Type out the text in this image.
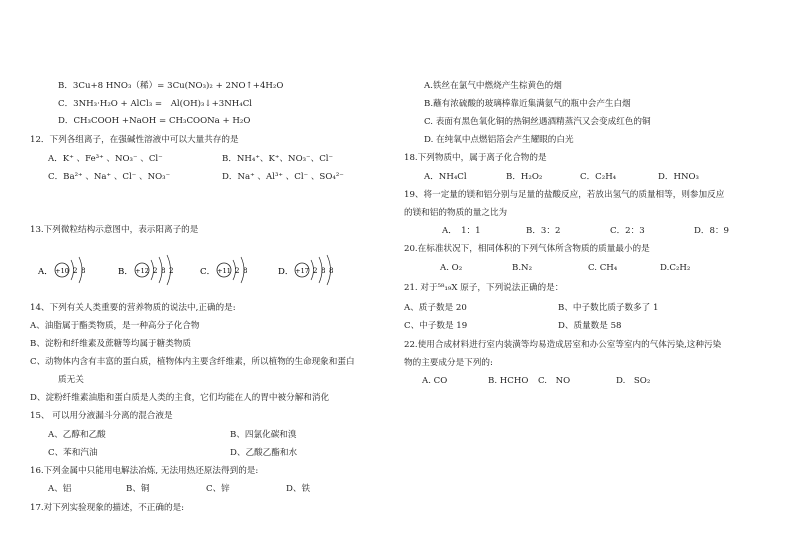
B．3Cu+8 HNO₃（稀）= 3Cu(NO₃)₂ + 2NO↑+4H₂O
C．3NH₃·H₂O + AlCl₃ =　Al(OH)₃↓+3NH₄Cl
D．CH₃COOH +NaOH = CH₃COONa + H₂O
12．下列各组离子，在强碱性溶液中可以大量共存的是
A．K⁺ 、Fe³⁺ 、NO₃⁻ 、Cl⁻	B．NH₄⁺、K⁺、NO₃⁻、Cl⁻
C．Ba²⁺ 、Na⁺ 、Cl⁻ 、NO₃⁻	D．Na⁺ 、Al³⁺ 、Cl⁻ 、SO₄²⁻
13.下列微粒结构示意图中，表示阳离子的是
A． +10 2 8	B． +12 2 8 2	C． +11 2 8	D． +17 2 8 8
14、下列有关人类重要的营养物质的说法中,正确的是:
A、油脂属于酯类物质，是一种高分子化合物
B、淀粉和纤维素及蔗糖等均属于糖类物质
C、动物体内含有丰富的蛋白质，植物体内主要含纤维素，所以植物的生命现象和蛋白
质无关
D、淀粉纤维素油脂和蛋白质是人类的主食，它们均能在人的胃中被分解和消化
15、 可以用分液漏斗分离的混合液是
A、乙醇和乙酸	B、四氯化碳和溴
C、苯和汽油	D、乙酸乙酯和水
16.下列金属中只能用电解法冶炼, 无法用热还原法得到的是:
A、铝	B、铜	C、锌	D、铁
17.对下列实验现象的描述，不正确的是:
A.铁丝在氯气中燃烧产生棕黄色的烟
B.蘸有浓硫酸的玻璃棒靠近集满氨气的瓶中会产生白烟
C. 表面有黑色氧化铜的热铜丝遇酒精蒸汽又会变成红色的铜
D. 在纯氧中点燃铝箔会产生耀眼的白光
18.下列物质中，属于离子化合物的是
A．NH₄Cl	B．H₂O₂	C．C₂H₄	D．HNO₃
19、将一定量的镁和铝分别与足量的盐酸反应，若放出氢气的质量相等，则参加反应
的镁和铝的物质的量之比为
A．　1：1	B．3：2	C．2：3	D．8：9
20.在标准状况下，相同体积的下列气体所含物质的质量最小的是
A. O₂	B.N₂	C. CH₄	D.C₂H₂
21. 对于⁵⁸₁₉X 原子，下列说法正确的是：
A、质子数是 20	B、中子数比质子数多了 1
C、中子数是 19	D、质量数是 58
22.使用合成材料进行室内装潢等均易造成居室和办公室等室内的气体污染,这种污染
物的主要成分是下列的:
A. CO	B. HCHO C.　NO	D.　SO₂
